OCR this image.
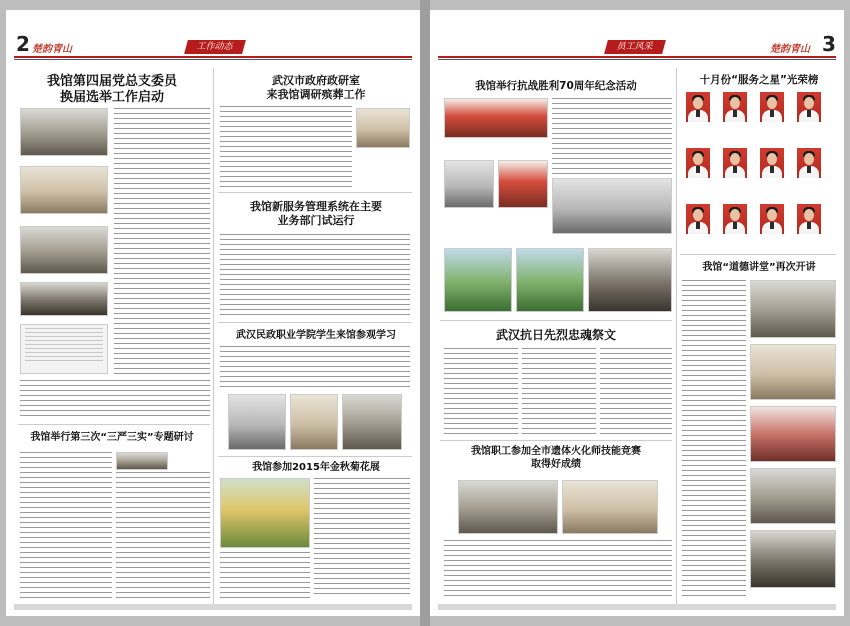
2 楚韵青山	工作动态
我馆第四届党总支委员
换届选举工作启动
我馆举行第三次“三严三实”专题研讨
武汉市政府政研室
来我馆调研殡葬工作
我馆新服务管理系统在主要
业务部门试运行
武汉民政职业学院学生来馆参观学习
我馆参加2015年金秋菊花展
3
楚韵青山
员工风采
我馆举行抗战胜利70周年纪念活动
武汉抗日先烈忠魂祭文
我馆职工参加全市遗体火化师技能竞赛
取得好成绩
十月份“服务之星”光荣榜
我馆“道德讲堂”再次开讲
